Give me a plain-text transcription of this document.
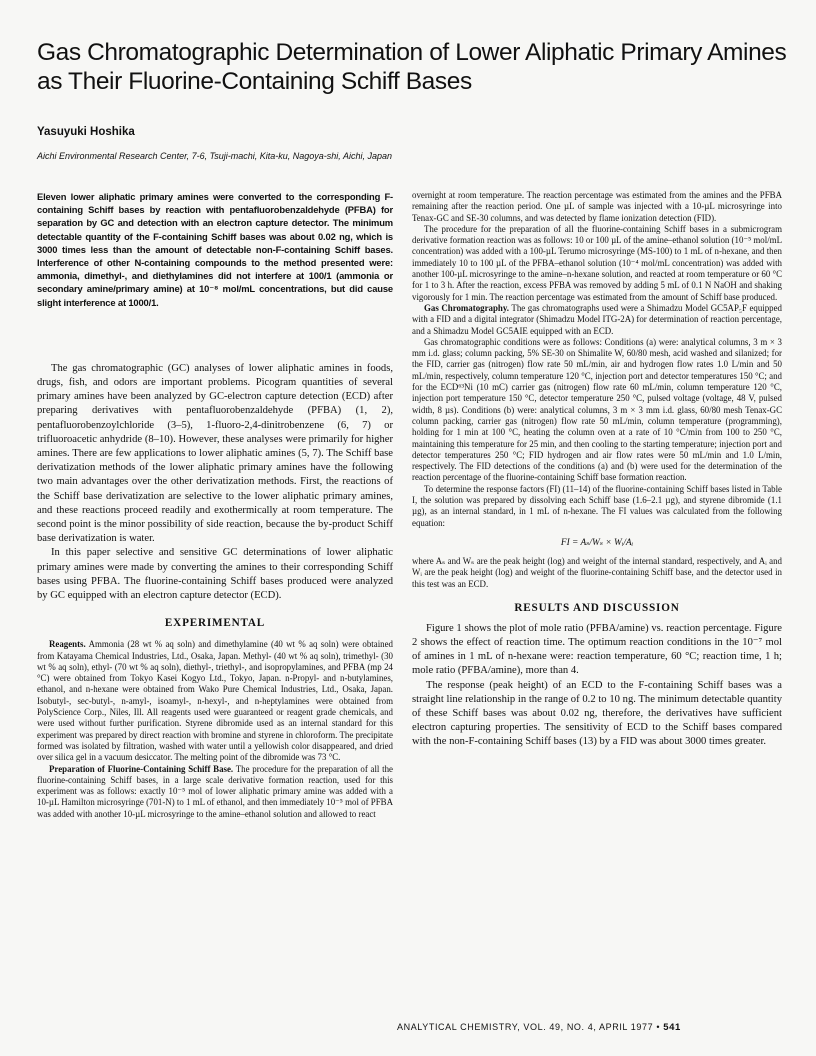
Gas Chromatographic Determination of Lower Aliphatic Primary Amines as Their Fluorine-Containing Schiff Bases

Yasuyuki Hoshika

Aichi Environmental Research Center, 7-6, Tsuji-machi, Kita-ku, Nagoya-shi, Aichi, Japan

Eleven lower aliphatic primary amines were converted to the corresponding F-containing Schiff bases by reaction with pentafluorobenzaldehyde (PFBA) for separation by GC and detection with an electron capture detector. The minimum detectable quantity of the F-containing Schiff bases was about 0.02 ng, which is 3000 times less than the amount of detectable non-F-containing Schiff bases. Interference of other N-containing compounds to the method presented were: ammonia, dimethyl-, and diethylamines did not interfere at 100/1 (ammonia or secondary amine/primary amine) at 10⁻⁸ mol/mL concentrations, but did cause slight interference at 1000/1.

The gas chromatographic (GC) analyses of lower aliphatic amines in foods, drugs, fish, and odors are important problems. Picogram quantities of several primary amines have been analyzed by GC-electron capture detection (ECD) after preparing derivatives with pentafluorobenzaldehyde (PFBA) (1, 2), pentafluorobenzoylchloride (3–5), 1-fluoro-2,4-dinitrobenzene (6, 7) or trifluoroacetic anhydride (8–10). However, these analyses were primarily for higher amines. There are few applications to lower aliphatic amines (5, 7). The Schiff base derivatization methods of the lower aliphatic primary amines have the following two main advantages over the other derivatization methods. First, the reactions of the Schiff base derivatization are selective to the lower aliphatic primary amines, and these reactions proceed readily and exothermically at room temperature. The second point is the minor possibility of side reaction, because the by-product Schiff base derivatization is water.

In this paper selective and sensitive GC determinations of lower aliphatic primary amines were made by converting the amines to their corresponding Schiff bases using PFBA. The fluorine-containing Schiff bases produced were analyzed by GC equipped with an electron capture detector (ECD).

EXPERIMENTAL

Reagents. Ammonia (28 wt % aq soln) and dimethylamine (40 wt % aq soln) were obtained from Katayama Chemical Industries, Ltd., Osaka, Japan. Methyl- (40 wt % aq soln), trimethyl- (30 wt % aq soln), ethyl- (70 wt % aq soln), diethyl-, triethyl-, and isopropylamines, and PFBA (mp 24 °C) were obtained from Tokyo Kasei Kogyo Ltd., Tokyo, Japan. n-Propyl- and n-butylamines, ethanol, and n-hexane were obtained from Wako Pure Chemical Industries, Ltd., Osaka, Japan. Isobutyl-, sec-butyl-, n-amyl-, isoamyl-, n-hexyl-, and n-heptylamines were obtained from PolyScience Corp., Niles, Ill. All reagents used were guaranteed or reagent grade chemicals, and were used without further purification. Styrene dibromide used as an internal standard for this experiment was prepared by direct reaction with bromine and styrene in chloroform. The precipitate formed was isolated by filtration, washed with water until a yellowish color disappeared, and dried over silica gel in a vacuum desiccator. The melting point of the dibromide was 73 °C.

Preparation of Fluorine-Containing Schiff Base. The procedure for the preparation of all the fluorine-containing Schiff bases, in a large scale derivative formation reaction, used for this experiment was as follows: exactly 10⁻⁵ mol of lower aliphatic primary amine was added with a 10-µL Hamilton microsyringe (701-N) to 1 mL of ethanol, and then immediately 10⁻⁵ mol of PFBA was added with another 10-µL microsyringe to the amine–ethanol solution and allowed to react

overnight at room temperature. The reaction percentage was estimated from the amines and the PFBA remaining after the reaction period. One µL of sample was injected with a 10-µL microsyringe into Tenax-GC and SE-30 columns, and was detected by flame ionization detection (FID).

The procedure for the preparation of all the fluorine-containing Schiff bases in a submicrogram derivative formation reaction was as follows: 10 or 100 µL of the amine–ethanol solution (10⁻⁵ mol/mL concentration) was added with a 100-µL Terumo microsyringe (MS-100) to 1 mL of n-hexane, and then immediately 10 to 100 µL of the PFBA–ethanol solution (10⁻⁴ mol/mL concentration) was added with another 100-µL microsyringe to the amine–n-hexane solution, and reacted at room temperature or 60 °C for 1 to 3 h. After the reaction, excess PFBA was removed by adding 5 mL of 0.1 N NaOH and shaking vigorously for 1 min. The reaction percentage was estimated from the amount of Schiff base produced.

Gas Chromatography. The gas chromatographs used were a Shimadzu Model GC5AP₅F equipped with a FID and a digital integrator (Shimadzu Model ITG-2A) for determination of reaction percentage, and a Shimadzu Model GC5AIE equipped with an ECD.

Gas chromatographic conditions were as follows: Conditions (a) were: analytical columns, 3 m × 3 mm i.d. glass; column packing, 5% SE-30 on Shimalite W, 60/80 mesh, acid washed and silanized; for the FID, carrier gas (nitrogen) flow rate 50 mL/min, air and hydrogen flow rates 1.0 L/min and 50 mL/min, respectively, column temperature 120 °C, injection port and detector temperatures 150 °C; and for the ECD⁶³Ni (10 mC) carrier gas (nitrogen) flow rate 60 mL/min, column temperature 120 °C, injection port temperature 150 °C, detector temperature 250 °C, pulsed voltage (voltage, 48 V, pulsed width, 8 µs). Conditions (b) were: analytical columns, 3 m × 3 mm i.d. glass, 60/80 mesh Tenax-GC column packing, carrier gas (nitrogen) flow rate 50 mL/min, column temperature (programming), holding for 1 min at 100 °C, heating the column oven at a rate of 10 °C/min from 100 to 250 °C, maintaining this temperature for 25 min, and then cooling to the starting temperature; injection port and detector temperatures 250 °C; FID hydrogen and air flow rates were 50 mL/min and 1.0 L/min, respectively. The FID detections of the conditions (a) and (b) were used for the determination of the reaction percentage of the fluorine-containing Schiff base formation reaction.

To determine the response factors (FI) (11–14) of the fluorine-containing Schiff bases listed in Table I, the solution was prepared by dissolving each Schiff base (1.6–2.1 µg), and styrene dibromide (1.1 µg), as an internal standard, in 1 mL of n-hexane. The FI values was calculated from the following equation:

FI = Aₛ/Wₛ × Wᵢ/Aᵢ

where Aₛ and Wₛ are the peak height (log) and weight of the internal standard, respectively, and Aᵢ and Wᵢ are the peak height (log) and weight of the fluorine-containing Schiff base, and the detector used in this test was an ECD.

RESULTS AND DISCUSSION

Figure 1 shows the plot of mole ratio (PFBA/amine) vs. reaction percentage. Figure 2 shows the effect of reaction time. The optimum reaction conditions in the 10⁻⁷ mol of amines in 1 mL of n-hexane were: reaction temperature, 60 °C; reaction time, 1 h; mole ratio (PFBA/amine), more than 4.

The response (peak height) of an ECD to the F-containing Schiff bases was a straight line relationship in the range of 0.2 to 10 ng. The minimum detectable quantity of these Schiff bases was about 0.02 ng, therefore, the derivatives have sufficient electron capturing properties. The sensitivity of ECD to the Schiff bases compared with the non-F-containing Schiff bases (13) by a FID was about 3000 times greater.

ANALYTICAL CHEMISTRY, VOL. 49, NO. 4, APRIL 1977 • 541
